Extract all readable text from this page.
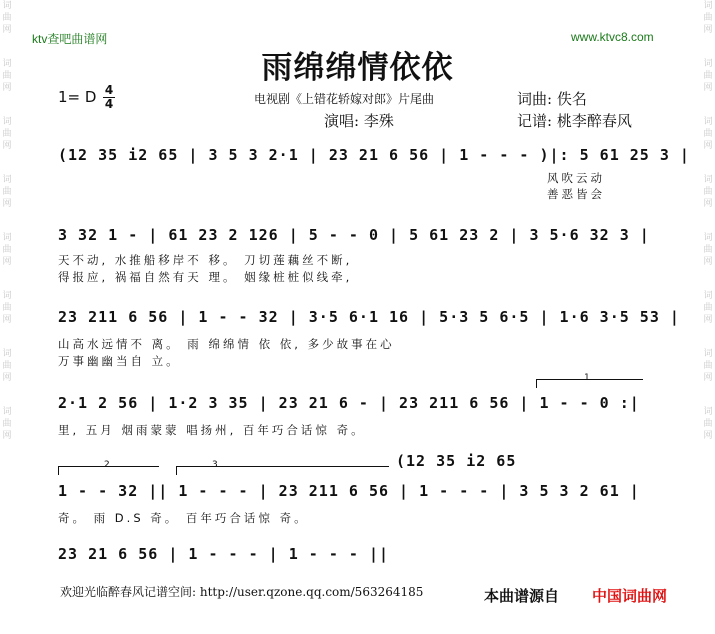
词曲网
词曲网
词曲网
词曲网
词曲网
词曲网
词曲网
词曲网
词曲网
词曲网
词曲网
词曲网
词曲网
词曲网
词曲网
词曲网
ktv查吧曲谱网	www.ktvc8.com
雨绵绵情依依
1= D 4
4	电视剧《上错花轿嫁对郎》片尾曲
演唱: 李殊
词曲: 佚名
记谱: 桃李醉春风
(12 35 i2 65 | 3 5 3 2·1 | 23 21 6 56 | 1 - - - )|: 5 61 25 3 |
风吹云动
善恶皆会
3 32 1 - | 61 23 2 126 | 5 - - 0 | 5 61 23 2 | 3 5·6 32 3 |
天不动, 水推船移岸不 移。 刀切莲藕丝不断,
得报应, 祸福自然有天 理。 姻缘桩桩似线牵,
23 211 6 56 | 1 - - 32 | 3·5 6·1 16 | 5·3 5 6·5 | 1·6 3·5 53 |
山高水远情不 离。 雨 绵绵情 依 依, 多少故事在心
万事幽幽当自 立。
1
2·1 2 56 | 1·2 3 35 | 23 21 6 - | 23 211 6 56 | 1 - - 0 :|
里, 五月 烟雨蒙蒙 唱扬州, 百年巧合话惊 奇。
(12 35 i2 65
2	3
1 - - 32 || 1 - - - | 23 211 6 56 | 1 - - - | 3 5 3 2 61 |
奇。 雨 D.S 奇。 百年巧合话惊 奇。
23 21 6 56 | 1 - - - | 1 - - - ||
欢迎光临醉春风记谱空间: http://user.qzone.qq.com/563264185	本曲谱源自 中国词曲网
